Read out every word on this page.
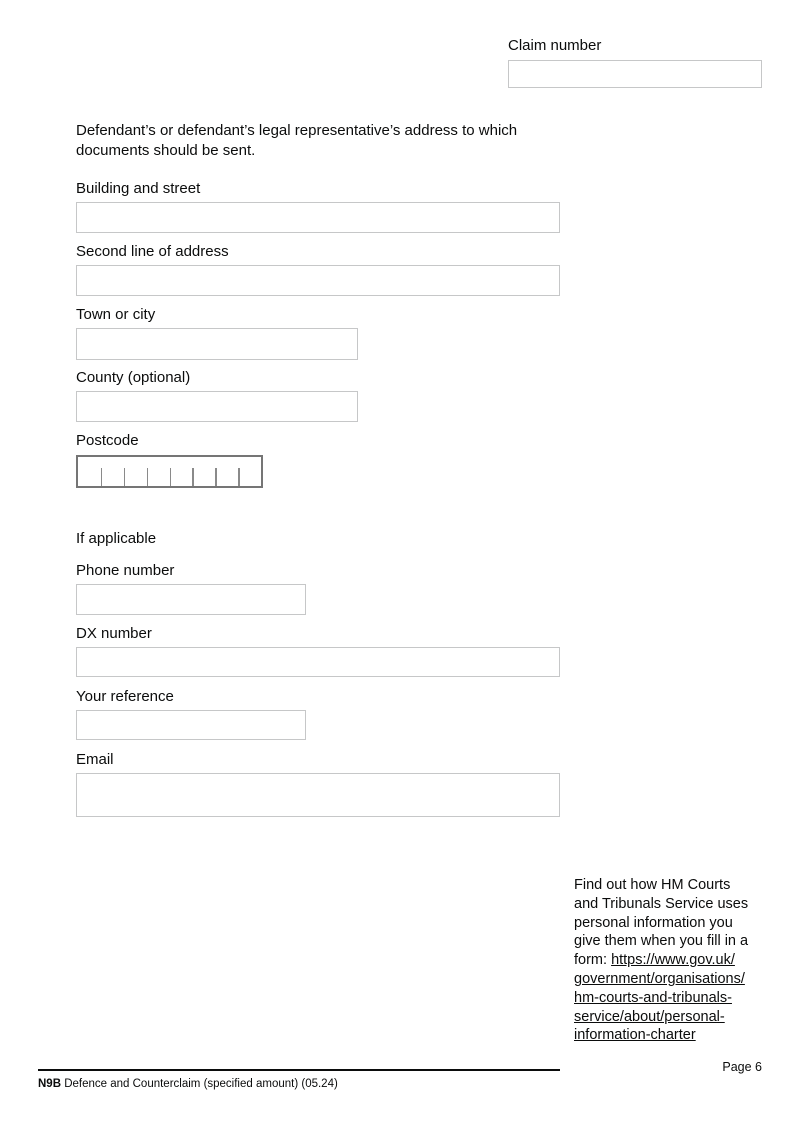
Claim number

Defendant’s or defendant’s legal representative’s address to which documents should be sent.

Building and street
Second line of address
Town or city
County (optional)
Postcode
If applicable
Phone number
DX number
Your reference
Email
Find out how HM Courts
and Tribunals Service uses
personal information you
give them when you fill in a
form: https://www.gov.uk/
government/organisations/
hm-courts-and-tribunals-
service/about/personal-
information-charter
Page 6
N9B Defence and Counterclaim (specified amount) (05.24)
